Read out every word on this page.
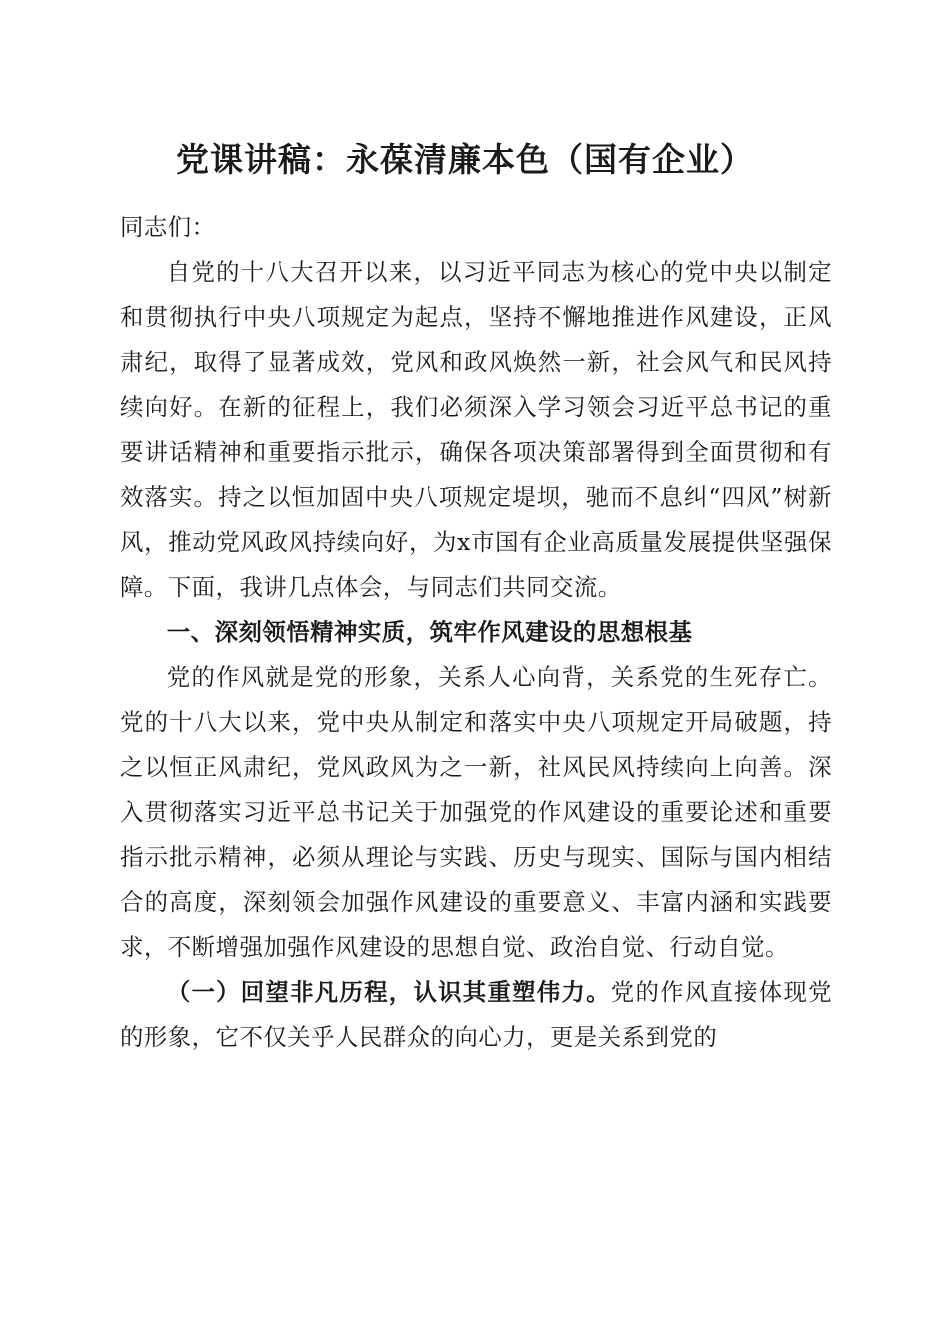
党课讲稿：永葆清廉本色（国有企业）

同志们：

自党的十八大召开以来，以习近平同志为核心的党中央以制定和贯彻执行中央八项规定为起点，坚持不懈地推进作风建设，正风肃纪，取得了显著成效，党风和政风焕然一新，社会风气和民风持续向好。在新的征程上，我们必须深入学习领会习近平总书记的重要讲话精神和重要指示批示，确保各项决策部署得到全面贯彻和有效落实。持之以恒加固中央八项规定堤坝，驰而不息纠“四风”树新风，推动党风政风持续向好，为x市国有企业高质量发展提供坚强保障。下面，我讲几点体会，与同志们共同交流。

一、深刻领悟精神实质，筑牢作风建设的思想根基

党的作风就是党的形象，关系人心向背，关系党的生死存亡。党的十八大以来，党中央从制定和落实中央八项规定开局破题，持之以恒正风肃纪，党风政风为之一新，社风民风持续向上向善。深入贯彻落实习近平总书记关于加强党的作风建设的重要论述和重要指示批示精神，必须从理论与实践、历史与现实、国际与国内相结合的高度，深刻领会加强作风建设的重要意义、丰富内涵和实践要求，不断增强加强作风建设的思想自觉、政治自觉、行动自觉。

（一）回望非凡历程，认识其重塑伟力。党的作风直接体现党的形象，它不仅关乎人民群众的向心力，更是关系到党的
